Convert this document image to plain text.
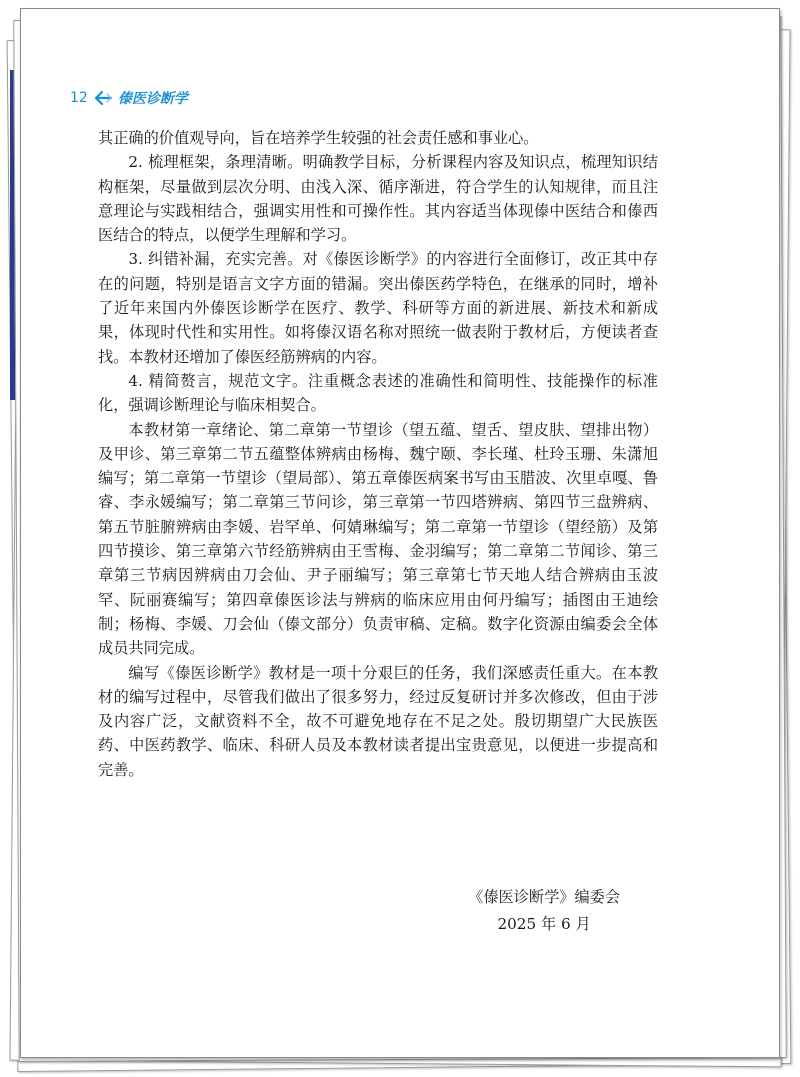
12 傣医诊断学

其正确的价值观导向，旨在培养学生较强的社会责任感和事业心。

2. 梳理框架，条理清晰。明确教学目标，分析课程内容及知识点，梳理知识结构框架，尽量做到层次分明、由浅入深、循序渐进，符合学生的认知规律，而且注意理论与实践相结合，强调实用性和可操作性。其内容适当体现傣中医结合和傣西医结合的特点，以便学生理解和学习。

3. 纠错补漏，充实完善。对《傣医诊断学》的内容进行全面修订，改正其中存在的问题，特别是语言文字方面的错漏。突出傣医药学特色，在继承的同时，增补了近年来国内外傣医诊断学在医疗、教学、科研等方面的新进展、新技术和新成果，体现时代性和实用性。如将傣汉语名称对照统一做表附于教材后，方便读者查找。本教材还增加了傣医经筋辨病的内容。

4. 精简赘言，规范文字。注重概念表述的准确性和简明性、技能操作的标准化，强调诊断理论与临床相契合。

本教材第一章绪论、第二章第一节望诊（望五蕴、望舌、望皮肤、望排出物）及甲诊、第三章第二节五蕴整体辨病由杨梅、魏宁颐、李长瑾、杜玲玉珊、朱潇旭编写；第二章第一节望诊（望局部）、第五章傣医病案书写由玉腊波、次里卓嘎、鲁睿、李永媛编写；第二章第三节问诊，第三章第一节四塔辨病、第四节三盘辨病、第五节脏腑辨病由李媛、岩罕单、何婧琳编写；第二章第一节望诊（望经筋）及第四节摸诊、第三章第六节经筋辨病由王雪梅、金羽编写；第二章第二节闻诊、第三章第三节病因辨病由刀会仙、尹子丽编写；第三章第七节天地人结合辨病由玉波罕、阮丽赛编写；第四章傣医诊法与辨病的临床应用由何丹编写；插图由王迪绘制；杨梅、李媛、刀会仙（傣文部分）负责审稿、定稿。数字化资源由编委会全体成员共同完成。

编写《傣医诊断学》教材是一项十分艰巨的任务，我们深感责任重大。在本教材的编写过程中，尽管我们做出了很多努力，经过反复研讨并多次修改，但由于涉及内容广泛，文献资料不全，故不可避免地存在不足之处。殷切期望广大民族医药、中医药教学、临床、科研人员及本教材读者提出宝贵意见，以便进一步提高和完善。

《傣医诊断学》编委会
2025 年 6 月
